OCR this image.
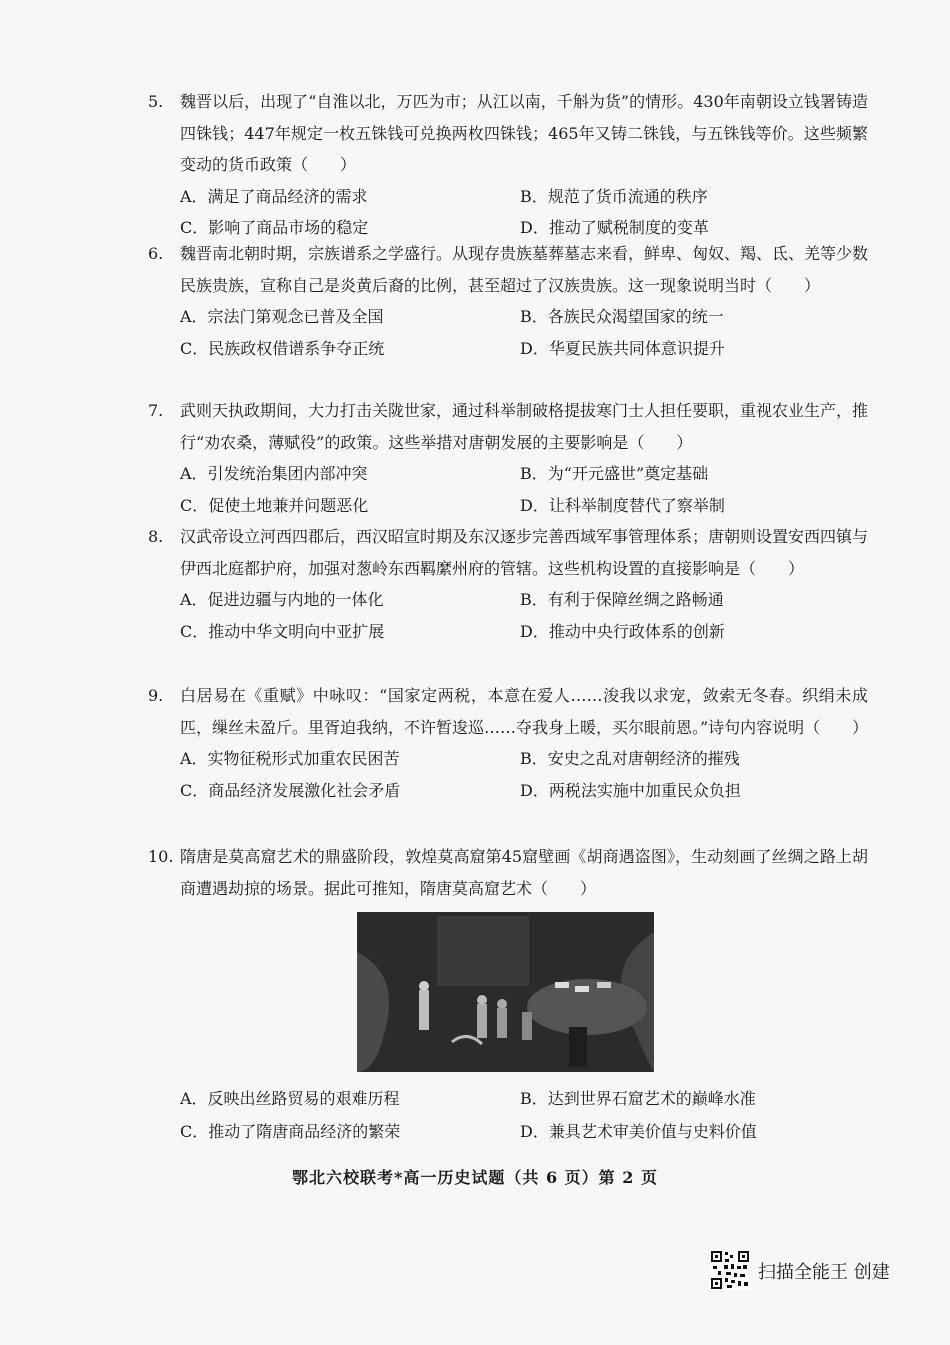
5. 魏晋以后，出现了“自淮以北，万匹为市；从江以南，千斛为货”的情形。430年南朝设立钱署铸造四铢钱；447年规定一枚五铢钱可兑换两枚四铢钱；465年又铸二铢钱，与五铢钱等价。这些频繁变动的货币政策（　　）
A．满足了商品经济的需求	B．规范了货币流通的秩序
C．影响了商品市场的稳定	D．推动了赋税制度的变革
6. 魏晋南北朝时期，宗族谱系之学盛行。从现存贵族墓葬墓志来看，鲜卑、匈奴、羯、氐、羌等少数民族贵族，宣称自己是炎黄后裔的比例，甚至超过了汉族贵族。这一现象说明当时（　　）
A．宗法门第观念已普及全国	B．各族民众渴望国家的统一
C．民族政权借谱系争夺正统	D．华夏民族共同体意识提升
7. 武则天执政期间，大力打击关陇世家，通过科举制破格提拔寒门士人担任要职，重视农业生产，推行“劝农桑，薄赋役”的政策。这些举措对唐朝发展的主要影响是（　　）
A．引发统治集团内部冲突	B．为“开元盛世”奠定基础
C．促使土地兼并问题恶化	D．让科举制度替代了察举制
8. 汉武帝设立河西四郡后，西汉昭宣时期及东汉逐步完善西域军事管理体系；唐朝则设置安西四镇与伊西北庭都护府，加强对葱岭东西羁縻州府的管辖。这些机构设置的直接影响是（　　）
A．促进边疆与内地的一体化	B．有利于保障丝绸之路畅通
C．推动中华文明向中亚扩展	D．推动中央行政体系的创新
9. 白居易在《重赋》中咏叹：“国家定两税，本意在爱人……浚我以求宠，敛索无冬春。织绢未成匹，缫丝未盈斤。里胥迫我纳，不许暂逡巡……夺我身上暖，买尔眼前恩。”诗句内容说明（　　）
A．实物征税形式加重农民困苦	B．安史之乱对唐朝经济的摧残
C．商品经济发展激化社会矛盾	D．两税法实施中加重民众负担
10. 隋唐是莫高窟艺术的鼎盛阶段，敦煌莫高窟第45窟壁画《胡商遇盗图》，生动刻画了丝绸之路上胡商遭遇劫掠的场景。据此可推知，隋唐莫高窟艺术（　　）
A．反映出丝路贸易的艰难历程	B．达到世界石窟艺术的巅峰水准
C．推动了隋唐商品经济的繁荣	D．兼具艺术审美价值与史料价值
鄂北六校联考*高一历史试题（共 6 页）第 2 页
扫描全能王 创建
